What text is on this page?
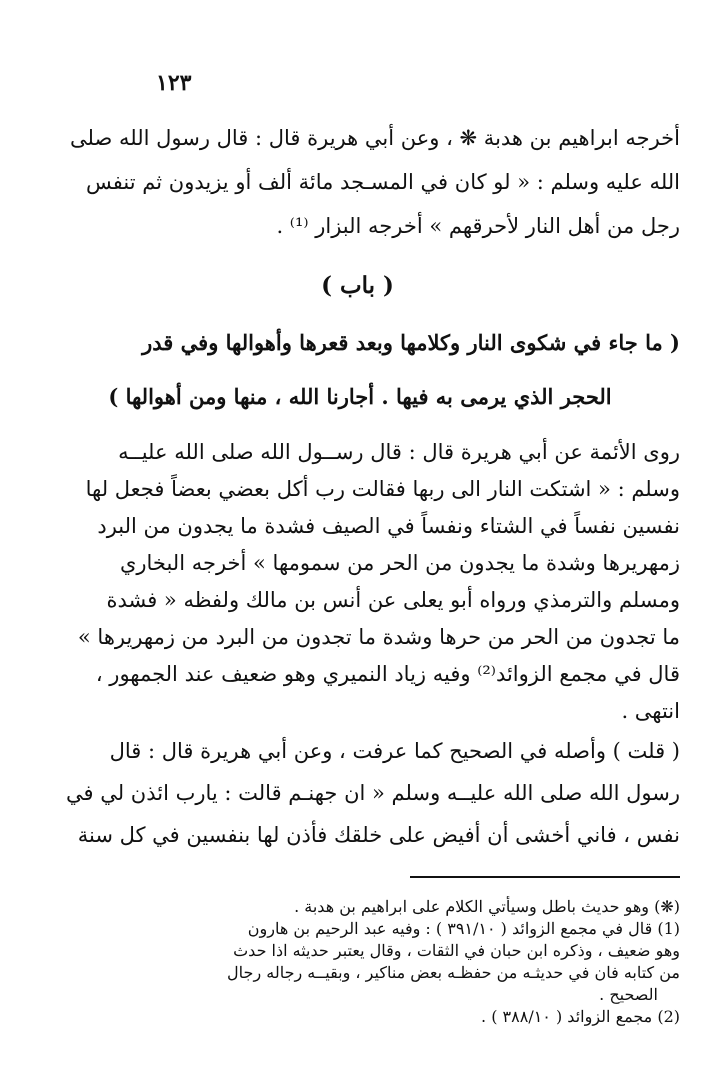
١٢٣
أخرجه ابراهيم بن هدبة ❋ ، وعن أبي هريرة قال : قال رسول الله صلى
الله عليه وسلم : « لو كان في المسـجد مائة ألف أو يزيدون ثم تنفس
رجل من أهل النار لأحرقهم » أخرجه البزار ⁽¹⁾ .
( باب )
( ما جاء في شكوى النار وكلامها وبعد قعرها وأهوالها وفي قدر
الحجر الذي يرمى به فيها . أجارنا الله ، منها ومن أهوالها )
روى الأئمة عن أبي هريرة قال : قال رســول الله صلى الله عليــه
وسلم : « اشتكت النار الى ربها فقالت رب أكل بعضي بعضاً فجعل لها
نفسين نفساً في الشتاء ونفساً في الصيف فشدة ما يجدون من البرد
زمهريرها وشدة ما يجدون من الحر من سمومها » أخرجه البخاري
ومسلم والترمذي ورواه أبو يعلى عن أنس بن مالك ولفظه « فشدة
ما تجدون من الحر من حرها وشدة ما تجدون من البرد من زمهريرها »
قال في مجمع الزوائد⁽²⁾ وفيه زياد النميري وهو ضعيف عند الجمهور ،
انتهى .
( قلت ) وأصله في الصحيح كما عرفت ، وعن أبي هريرة قال : قال
رسول الله صلى الله عليــه وسلم « ان جهنـم قالت : يارب ائذن لي في
نفس ، فاني أخشى أن أفيض على خلقك فأذن لها بنفسين في كل سنة
(❋) وهو حديث باطل وسيأتي الكلام على ابراهيم بن هدبة .
(1) قال في مجمع الزوائد ( ٣٩١/١٠ ) : وفيه عبد الرحيم بن هارون
وهو ضعيف ، وذكره ابن حبان في الثقات ، وقال يعتبر حديثه اذا حدث
من كتابه فان في حديثـه من حفظـه بعض مناكير ، وبقيــه رجاله رجال
الصحيح .
(2) مجمع الزوائد ( ٣٨٨/١٠ ) .
